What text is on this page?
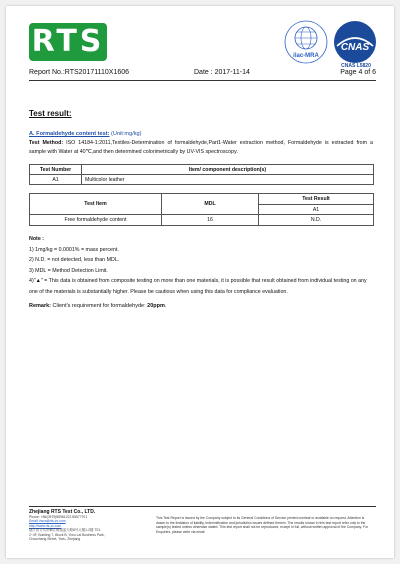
RTS	ilac-MRA
CNAS
CNAS L5820
Report No.:RTS20171110X1606	Date : 2017-11-14	Page 4 of 6
Test result:
A. Formaldehyde content test: (Unit:mg/kg)
Test Method: ISO 14184-1:2011,Textiles-Determination of formaldehyde,Part1-Water extraction method, Formaldehyde is extracted from a sample with Water at 40℃,and then determined colorimetrically by UV-VIS spectroscopy.
Test Number	Item/ component description(s)
A1	Multicolor leather
Test Item	MDL	Test Result
		A1
Free formaldehyde content	16	N.D.
Note :
1) 1mg/kg = 0.0001% = mass percent.
2) N.D. = not detected, less than MDL.
3) MDL = Method Detection Limit.
4)"▲" = This data is obtained from composite testing on more than one materials, it is possible that result obtained from individual testing on any one of the materials is substantially higher. Please be cautious when using this data for compliance evaluation.
Remark: Client's requirement for formaldehyde: 20ppm.
Zhejiang RTS Test Co., LTD.
Phone: +86(0579)85981222 85577971
Email: rtscs@rts-zx.com
http://www.rts-zx.com
浙江省义乌市稠江街道蓝天路8号大楼1-2楼 TEL
2~4F, Building 7, Block B, Yiwu Lai Business Park,
Chouzhang Street, Yiwu, Zhejiang
This Test Report is issued by the Company subject to its General Conditions of Service printed overleaf or available on request. Attention is drawn to the limitation of liability, indemnification and jurisdiction issues defined therein. The results shown in this test report refer only to the sample(s) tested unless otherwise stated. This test report shall not be reproduced, except in full, without written approval of the Company. For Enquiries, please write via email.
